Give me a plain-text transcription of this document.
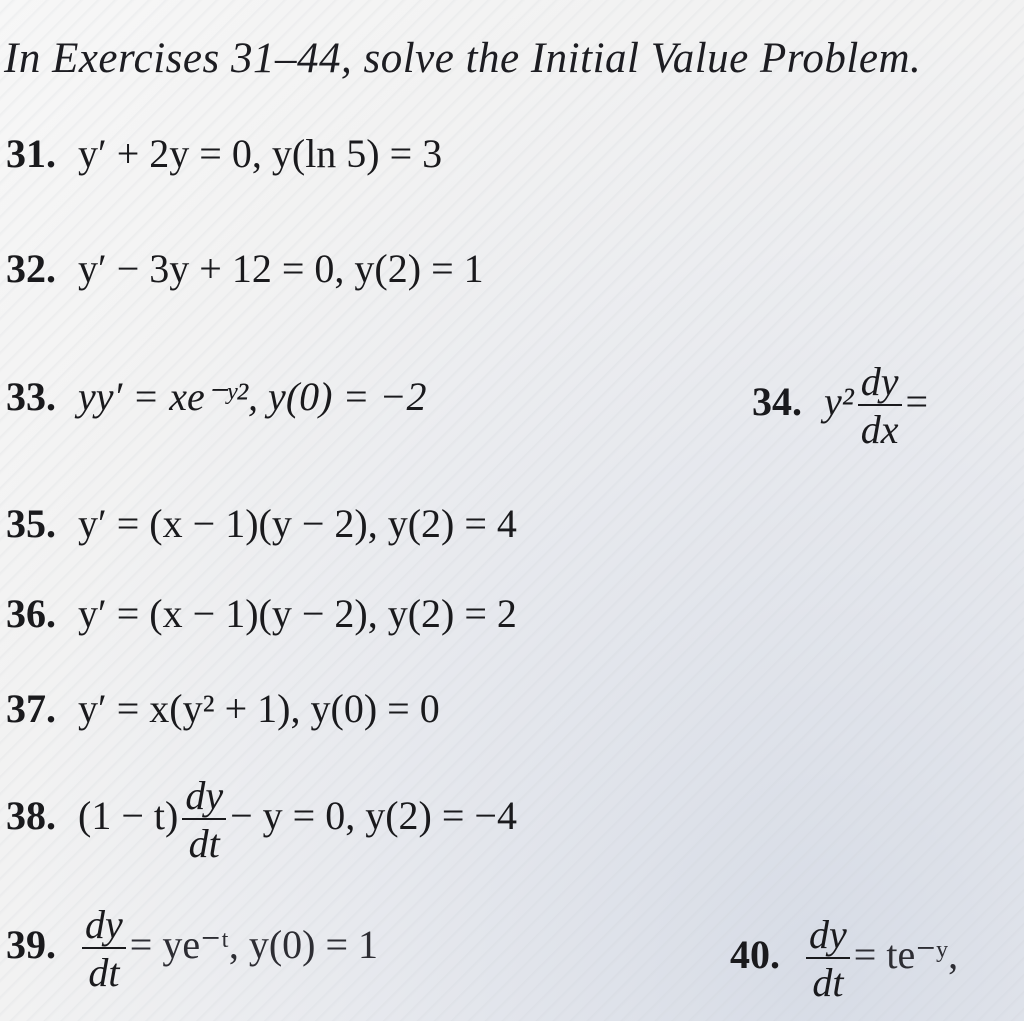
In Exercises 31–44, solve the Initial Value Problem.
31. y′ + 2y = 0, y(ln 5) = 3
32. y′ − 3y + 12 = 0, y(2) = 1
33. yy′ = xe⁻ʸ², y(0) = −2	34. $y^2 \frac{dy}{dx}$ =
35. y′ = (x − 1)(y − 2), y(2) = 4
36. y′ = (x − 1)(y − 2), y(2) = 2
37. y′ = x(y² + 1), y(0) = 0
38. $(1 - t) \frac{dy}{dt} - y = 0$, y(2) = −4
39. $\frac{dy}{dt}$ = ye⁻ᵗ, y(0) = 1	40. $\frac{dy}{dt}$ = te⁻ʸ,
